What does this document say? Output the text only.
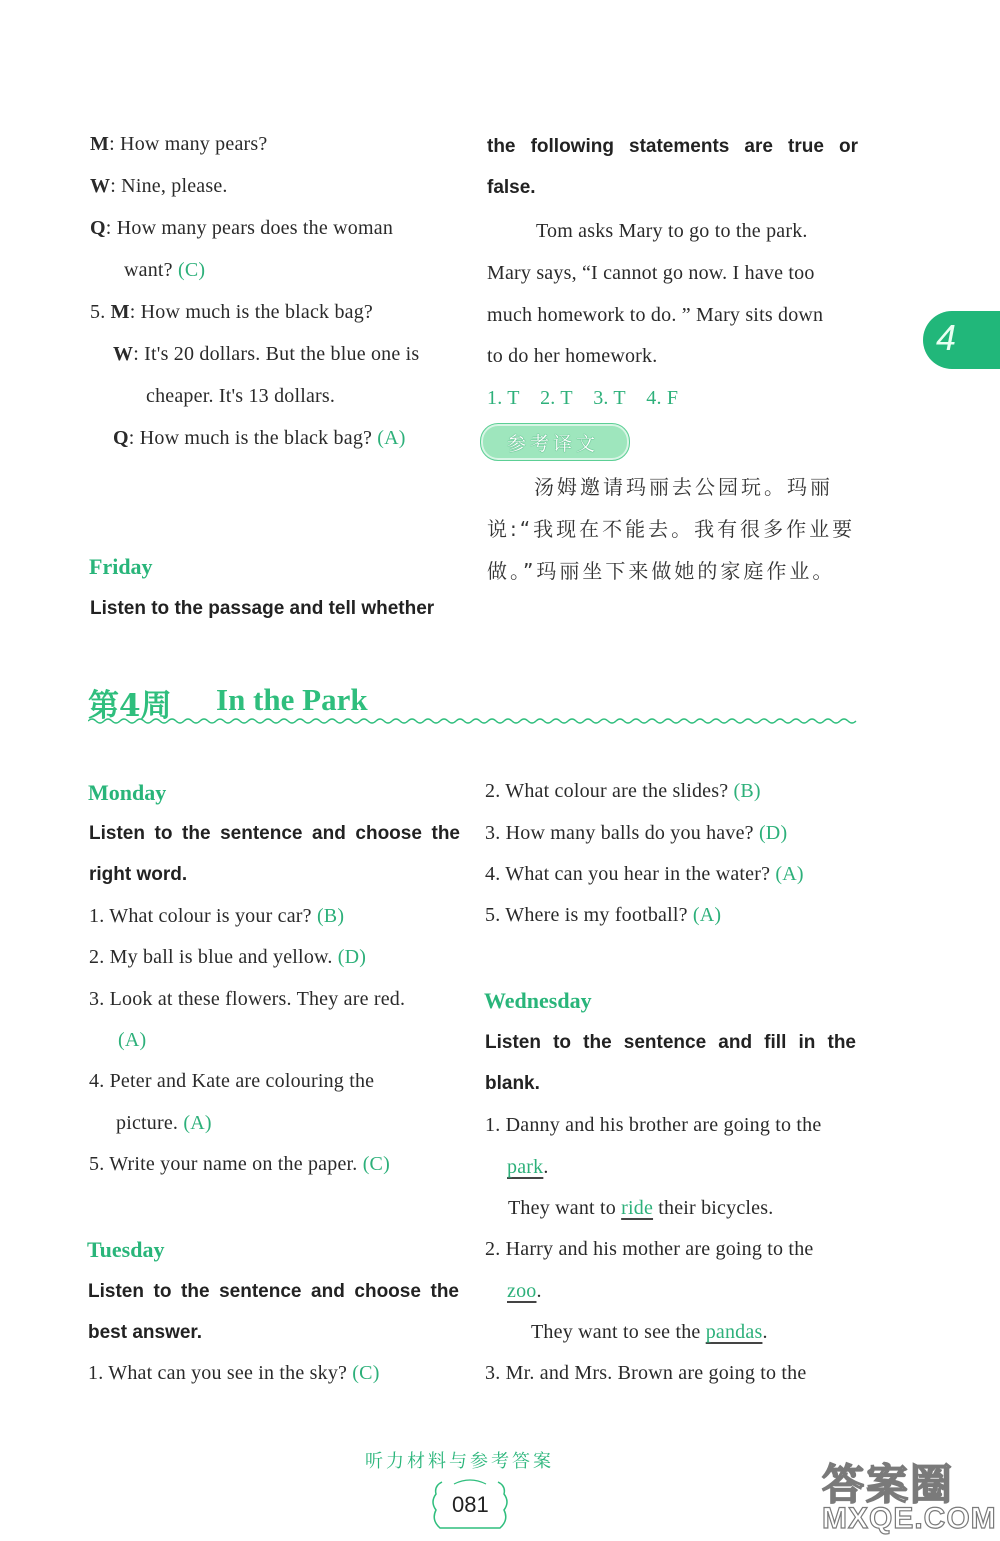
M: How many pears?
W: Nine, please.
Q: How many pears does the woman
want? (C)
5. M: How much is the black bag?
W: It's 20 dollars. But the blue one is
cheaper. It's 13 dollars.
Q: How much is the black bag? (A)
Friday
Listen to the passage and tell whether
the following statements are true or
false.
Tom asks Mary to go to the park.
Mary says, “I cannot go now. I have too
much homework to do. ” Mary sits down
to do her homework.
1. T    2. T    3. T    4. F
参考译文
汤姆邀请玛丽去公园玩。玛丽
说:“我现在不能去。我有很多作业要
做。”玛丽坐下来做她的家庭作业。
4
第4周 In the Park
Monday
Listen to the sentence and choose the
right word.
1. What colour is your car? (B)
2. My ball is blue and yellow. (D)
3. Look at these flowers. They are red.
(A)
4. Peter and Kate are colouring the
picture. (A)
5. Write your name on the paper. (C)
Tuesday
Listen to the sentence and choose the
best answer.
1. What can you see in the sky? (C)
2. What colour are the slides? (B)
3. How many balls do you have? (D)
4. What can you hear in the water? (A)
5. Where is my football? (A)
Wednesday
Listen to the sentence and fill in the
blank.
1. Danny and his brother are going to the
park.
They want to ride their bicycles.
2. Harry and his mother are going to the
zoo.
They want to see the pandas.
3. Mr. and Mrs. Brown are going to the
听力材料与参考答案
081	答案圈
MXQE.COM
